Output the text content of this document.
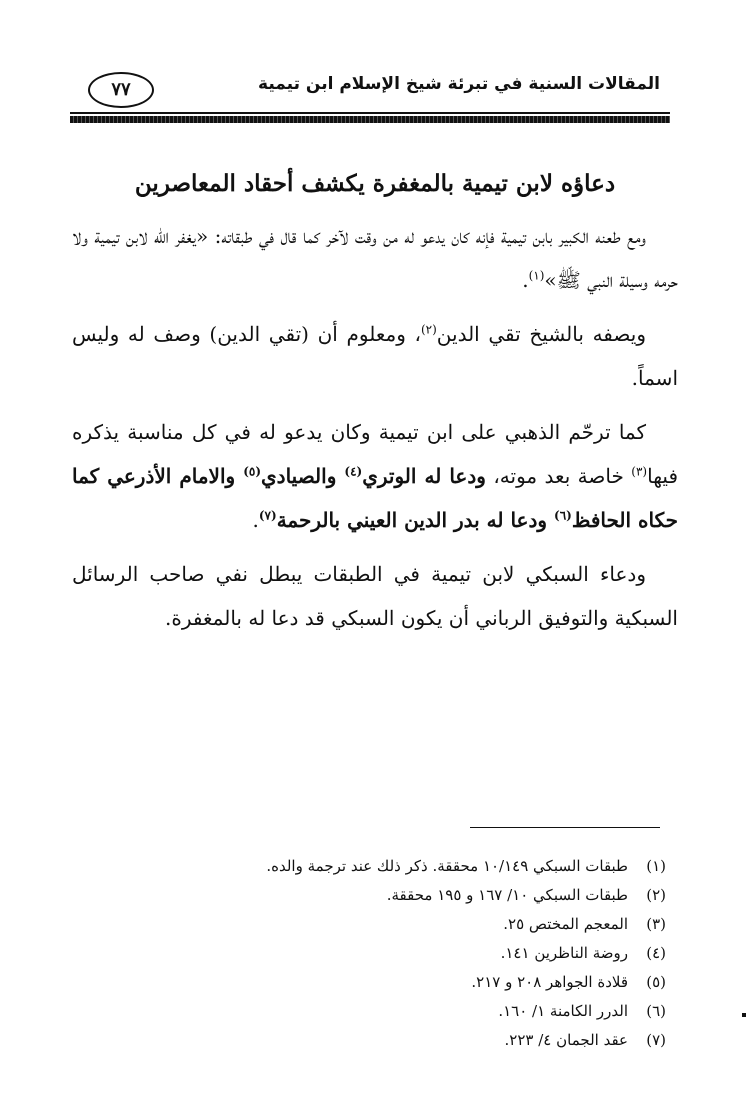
المقالات السنية في تبرئة شيخ الإسلام ابن تيمية
٧٧
دعاؤه لابن تيمية بالمغفرة يكشف أحقاد المعاصرين

ومع طعنه الكبير بابن تيمية فإنه كان يدعو له من وقت لآخر كما قال في طبقاته: «يغفر الله لابن تيمية ولا حرمه وسيلة النبي ﷺ»$^{(١)}$.

ويصفه بالشيخ تقي الدين$^{(٢)}$، ومعلوم أن (تقي الدين) وصف له وليس اسماً.

كما ترحّم الذهبي على ابن تيمية وكان يدعو له في كل مناسبة يذكره فيها$^{(٣)}$ خاصة بعد موته، ودعا له الوتري$^{(٤)}$ والصيادي$^{(٥)}$ والامام الأذرعي كما حكاه الحافظ$^{(٦)}$ ودعا له بدر الدين العيني بالرحمة$^{(٧)}$.

ودعاء السبكي لابن تيمية في الطبقات يبطل نفي صاحب الرسائل السبكية والتوفيق الرباني أن يكون السبكي قد دعا له بالمغفرة.

(١)طبقات السبكي ١٠/١٤٩ محققة. ذكر ذلك عند ترجمة والده.
(٢)طبقات السبكي ١٠/ ١٦٧ و ١٩٥ محققة.
(٣)المعجم المختص ٢٥.
(٤)روضة الناظرين ١٤١.
(٥)قلادة الجواهر ٢٠٨ و ٢١٧.
(٦)الدرر الكامنة ١/ ١٦٠.
(٧)عقد الجمان ٤/ ٢٢٣.
